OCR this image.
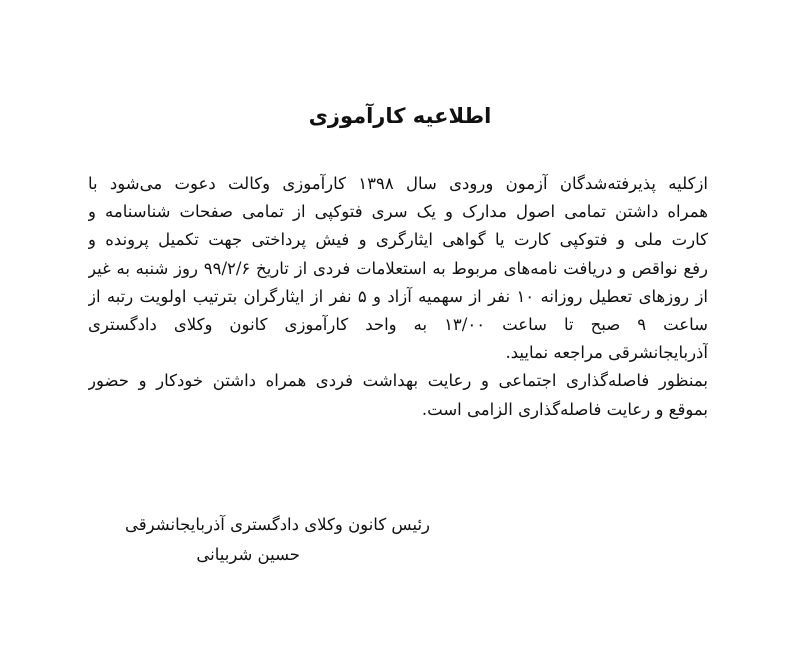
اطلاعیه کارآموزی
ازکلیه پذیرفته‌شدگان آزمون ورودی سال ۱۳۹۸ کارآموزی وکالت دعوت می‌شود با
همراه داشتن تمامی اصول مدارک و یک سری فتوکپی از تمامی صفحات شناسنامه و
کارت ملی و فتوکپی کارت یا گواهی ایثارگری و فیش پرداختی جهت تکمیل پرونده و
رفع نواقص و دریافت نامه‌های مربوط به استعلامات فردی از تاریخ ۹۹/۲/۶ روز شنبه به غیر
از روزهای تعطیل روزانه ۱۰ نفر از سهمیه آزاد و ۵ نفر از ایثارگران بترتیب اولویت رتبه از
ساعت ۹ صبح تا ساعت ۱۳/۰۰ به واحد کارآموزی کانون وکلای دادگستری
آذربایجانشرقی مراجعه نمایید.
بمنظور فاصله‌گذاری اجتماعی و رعایت بهداشت فردی همراه داشتن خودکار و حضور
بموقع و رعایت فاصله‌گذاری الزامی است.
رئیس کانون وکلای دادگستری آذربایجانشرقی
حسین شربیانی
